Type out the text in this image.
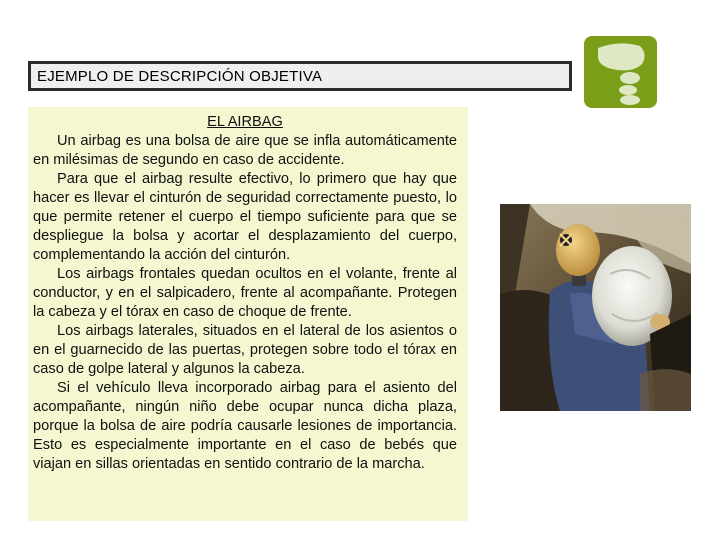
EJEMPLO DE DESCRIPCIÓN OBJETIVA

EL AIRBAG

Un airbag es una bolsa de aire que se infla automáticamente en milésimas de segundo en caso de accidente.

Para que el airbag resulte efectivo, lo primero que hay que hacer es llevar el cinturón de seguridad correctamente puesto, lo que permite retener el cuerpo el tiempo suficiente para que se despliegue la bolsa y acortar el desplazamiento del cuerpo, complementando la acción del cinturón.

Los airbags frontales quedan ocultos en el volante, frente al conductor, y en el salpicadero, frente al acompañante. Protegen la cabeza y el tórax en caso de choque de frente.

Los airbags laterales, situados en el lateral de los asientos o en el guarnecido de las puertas, protegen sobre todo el tórax en caso de golpe lateral y algunos la cabeza.

Si el vehículo lleva incorporado airbag para el asiento del acompañante, ningún niño debe ocupar nunca dicha plaza, porque la bolsa de aire podría causarle lesiones de importancia. Esto es especialmente importante en el caso de bebés que viajan en sillas orientadas en sentido contrario de la marcha.
